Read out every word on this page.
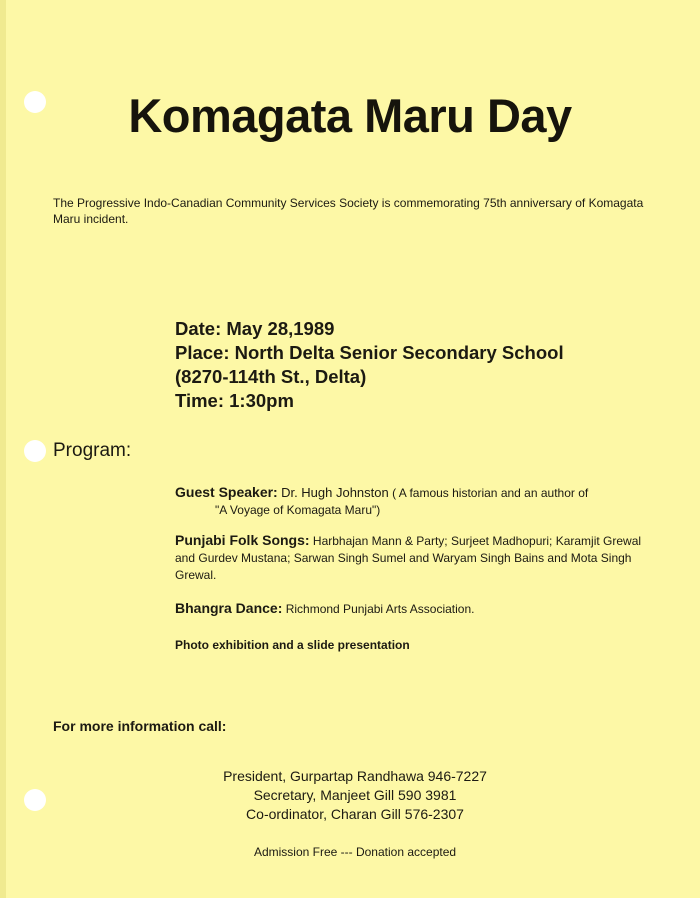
Komagata Maru Day
The Progressive Indo-Canadian Community Services Society is commemorating 75th anniversary of Komagata Maru incident.
Date: May 28,1989
Place: North Delta Senior Secondary School
(8270-114th St., Delta)
Time: 1:30pm
Program:
Guest Speaker: Dr. Hugh Johnston ( A famous historian and an author of
"A Voyage of Komagata Maru")
Punjabi Folk Songs: Harbhajan Mann & Party; Surjeet Madhopuri; Karamjit Grewal and Gurdev Mustana; Sarwan Singh Sumel and Waryam Singh Bains and Mota Singh Grewal.
Bhangra Dance: Richmond Punjabi Arts Association.
Photo exhibition and a slide presentation
For more information call:
President, Gurpartap Randhawa 946-7227
Secretary, Manjeet Gill 590 3981
Co-ordinator, Charan Gill 576-2307
Admission Free --- Donation accepted
